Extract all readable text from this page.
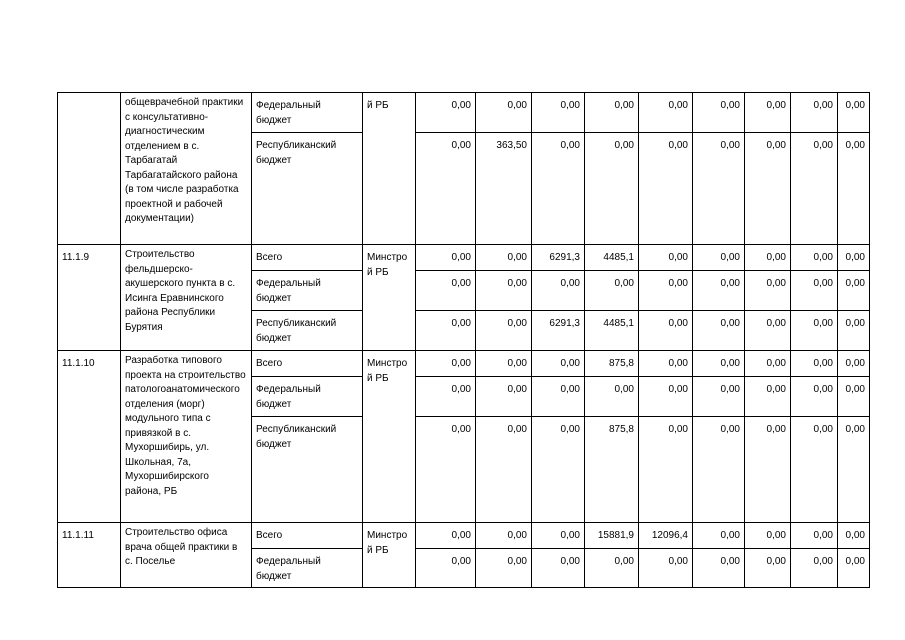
	общеврачебной практики с консультативно-диагностическим отделением в с. Тарбагатай Тарбагатайского района (в том числе разработка проектной и рабочей документации)	Федеральный бюджет	й РБ	0,00	0,00	0,00	0,00	0,00	0,00	0,00	0,00	0,00
		Республиканский бюджет		0,00	363,50	0,00	0,00	0,00	0,00	0,00	0,00	0,00
11.1.9	Строительство фельдшерско-акушерского пункта в с. Исинга Еравнинского района Республики Бурятия	Всего	Минстрой РБ	0,00	0,00	6291,3	4485,1	0,00	0,00	0,00	0,00	0,00
		Федеральный бюджет		0,00	0,00	0,00	0,00	0,00	0,00	0,00	0,00	0,00
		Республиканский бюджет		0,00	0,00	6291,3	4485,1	0,00	0,00	0,00	0,00	0,00
11.1.10	Разработка типового проекта на строительство патологоанатомического отделения (морг) модульного типа с привязкой в с. Мухоршибирь, ул. Школьная, 7а, Мухоршибирского района, РБ	Всего	Минстрой РБ	0,00	0,00	0,00	875,8	0,00	0,00	0,00	0,00	0,00
		Федеральный бюджет		0,00	0,00	0,00	0,00	0,00	0,00	0,00	0,00	0,00
		Республиканский бюджет		0,00	0,00	0,00	875,8	0,00	0,00	0,00	0,00	0,00
11.1.11	Строительство офиса врача общей практики в с. Поселье	Всего	Минстрой РБ	0,00	0,00	0,00	15881,9	12096,4	0,00	0,00	0,00	0,00
		Федеральный бюджет		0,00	0,00	0,00	0,00	0,00	0,00	0,00	0,00	0,00
